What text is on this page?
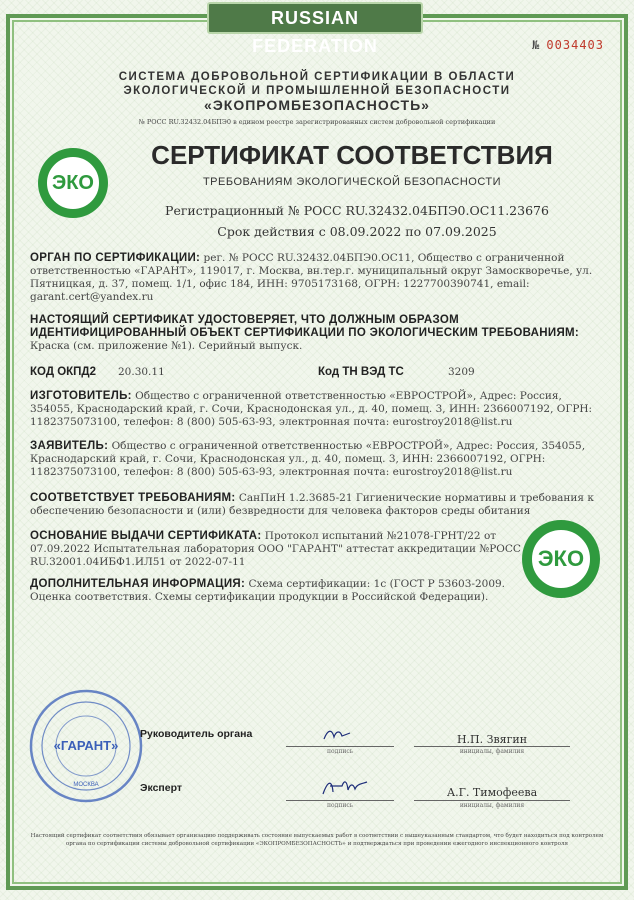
RUSSIAN FEDERATION	№ 0034403
СИСТЕМА ДОБРОВОЛЬНОЙ СЕРТИФИКАЦИИ В ОБЛАСТИ
ЭКОЛОГИЧЕСКОЙ И ПРОМЫШЛЕННОЙ БЕЗОПАСНОСТИ
«ЭКОПРОМБЕЗОПАСНОСТЬ»
№ РОСС RU.32432.04БПЭ0 в едином реестре зарегистрированных систем добровольной сертификации
ЭКО
СЕРТИФИКАТ СООТВЕТСТВИЯ
ТРЕБОВАНИЯМ ЭКОЛОГИЧЕСКОЙ БЕЗОПАСНОСТИ
Регистрационный № РОСС RU.32432.04БПЭ0.ОС11.23676
Срок действия с 08.09.2022 по 07.09.2025
ОРГАН ПО СЕРТИФИКАЦИИ: рег. № РОСС RU.32432.04БПЭ0.ОС11, Общество с ограниченной ответственностью «ГАРАНТ», 119017, г. Москва, вн.тер.г. муниципальный округ Замоскворечье, ул. Пятницкая, д. 37, помещ. 1/1, офис 184, ИНН: 9705173168, ОГРН: 1227700390741, email: garant.cert@yandex.ru
НАСТОЯЩИЙ СЕРТИФИКАТ УДОСТОВЕРЯЕТ, ЧТО ДОЛЖНЫМ ОБРАЗОМ ИДЕНТИФИЦИРОВАННЫЙ ОБЪЕКТ СЕРТИФИКАЦИИ ПО ЭКОЛОГИЧЕСКИМ ТРЕБОВАНИЯМ: Краска (см. приложение №1). Серийный выпуск.
КОД ОКПД2 20.30.11	Код ТН ВЭД ТС	3209
ИЗГОТОВИТЕЛЬ: Общество с ограниченной ответственностью «ЕВРОСТРОЙ», Адрес: Россия, 354055, Краснодарский край, г. Сочи, Краснодонская ул., д. 40, помещ. 3, ИНН: 2366007192, ОГРН: 1182375073100, телефон: 8 (800) 505-63-93, электронная почта: eurostroy2018@list.ru
ЗАЯВИТЕЛЬ: Общество с ограниченной ответственностью «ЕВРОСТРОЙ», Адрес: Россия, 354055, Краснодарский край, г. Сочи, Краснодонская ул., д. 40, помещ. 3, ИНН: 2366007192, ОГРН: 1182375073100, телефон: 8 (800) 505-63-93, электронная почта: eurostroy2018@list.ru
СООТВЕТСТВУЕТ ТРЕБОВАНИЯМ: СанПиН 1.2.3685-21 Гигиенические нормативы и требования к обеспечению безопасности и (или) безвредности для человека факторов среды обитания
ОСНОВАНИЕ ВЫДАЧИ СЕРТИФИКАТА: Протокол испытаний №21078-ГРНТ/22 от 07.09.2022 Испытательная лаборатория ООО "ГАРАНТ" аттестат аккредитации №РОСС RU.32001.04ИБФ1.ИЛ51 от 2022-07-11	ЭКО
ДОПОЛНИТЕЛЬНАЯ ИНФОРМАЦИЯ: Схема сертификации: 1с (ГОСТ Р 53603-2009. Оценка соответствия. Схемы сертификации продукции в Российской Федерации).
«ГАРАНТ»
МОСКВА
Руководитель органа
подпись
Н.П. Звягин
инициалы, фамилия
Эксперт
подпись
А.Г. Тимофеева
инициалы, фамилия
Настоящий сертификат соответствия обязывает организацию поддерживать состояние выпускаемых работ в соответствии с вышеуказанным стандартом, что будет находиться под контролем органа по сертификации системы добровольной сертификации «ЭКОПРОМБЕЗОПАСНОСТЬ» и подтверждаться при проведении ежегодного инспекционного контроля
